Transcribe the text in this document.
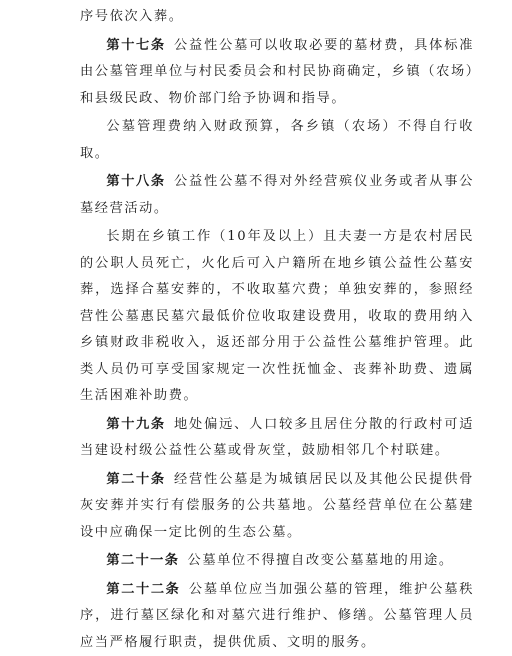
序号依次入葬。

第十七条  公益性公墓可以收取必要的墓材费，具体标准由公墓管理单位与村民委员会和村民协商确定，乡镇（农场）和县级民政、物价部门给予协调和指导。

公墓管理费纳入财政预算，各乡镇（农场）不得自行收取。

第十八条  公益性公墓不得对外经营殡仪业务或者从事公墓经营活动。

长期在乡镇工作（10年及以上）且夫妻一方是农村居民的公职人员死亡，火化后可入户籍所在地乡镇公益性公墓安葬，选择合墓安葬的，不收取墓穴费；单独安葬的，参照经营性公墓惠民墓穴最低价位收取建设费用，收取的费用纳入乡镇财政非税收入，返还部分用于公益性公墓维护管理。此类人员仍可享受国家规定一次性抚恤金、丧葬补助费、遗属生活困难补助费。

第十九条  地处偏远、人口较多且居住分散的行政村可适当建设村级公益性公墓或骨灰堂，鼓励相邻几个村联建。

第二十条  经营性公墓是为城镇居民以及其他公民提供骨灰安葬并实行有偿服务的公共墓地。公墓经营单位在公墓建设中应确保一定比例的生态公墓。

第二十一条  公墓单位不得擅自改变公墓墓地的用途。

第二十二条  公墓单位应当加强公墓的管理，维护公墓秩序，进行墓区绿化和对墓穴进行维护、修缮。公墓管理人员应当严格履行职责，提供优质、文明的服务。
